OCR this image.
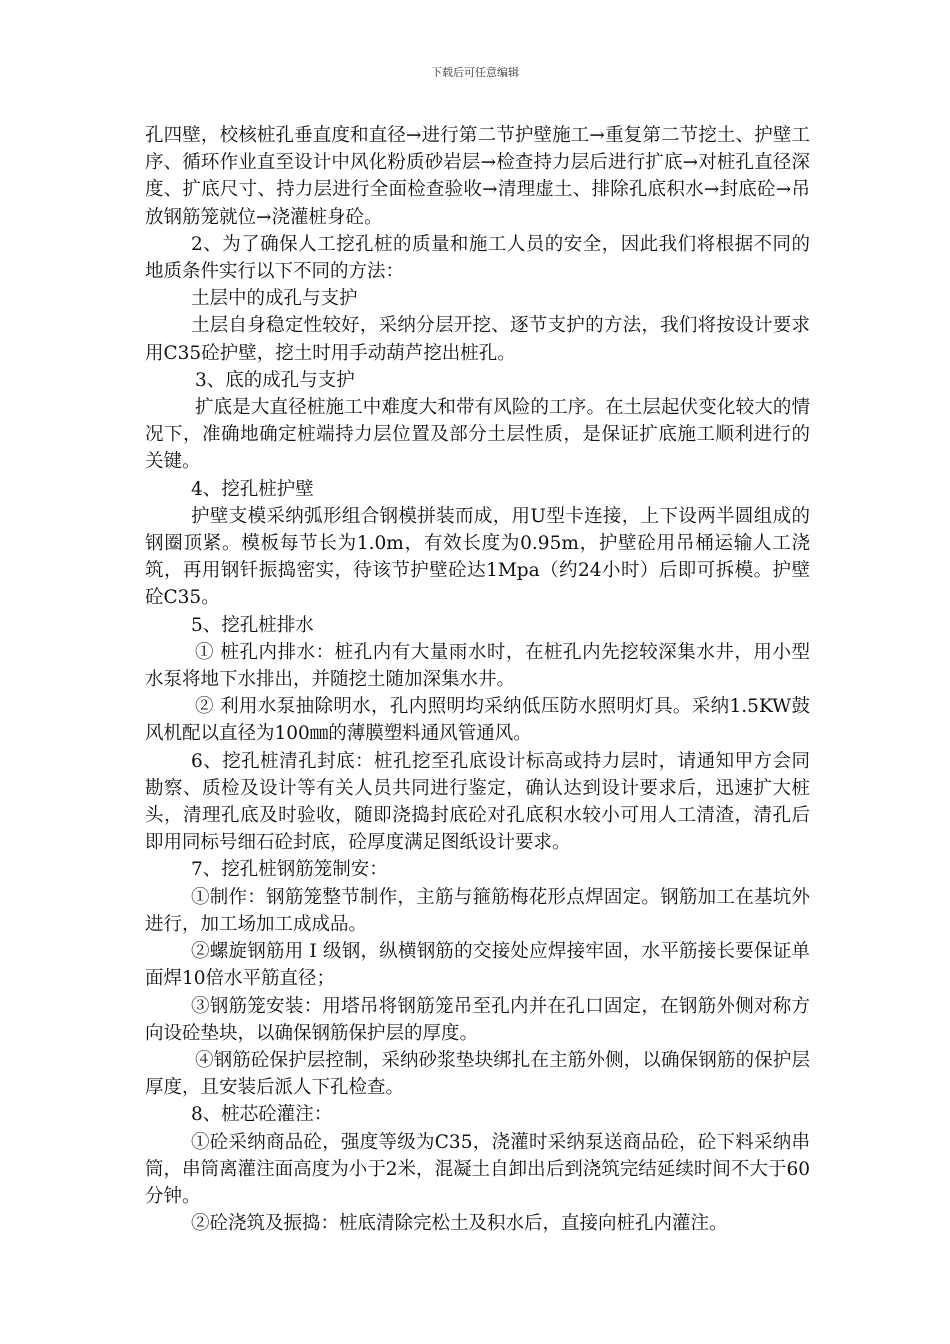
下载后可任意编辑

孔四壁，校核桩孔垂直度和直径→进行第二节护壁施工→重复第二节挖土、护壁工序、循环作业直至设计中风化粉质砂岩层→检查持力层后进行扩底→对桩孔直径深度、扩底尺寸、持力层进行全面检查验收→清理虚土、排除孔底积水→封底砼→吊放钢筋笼就位→浇灌桩身砼。

2、为了确保人工挖孔桩的质量和施工人员的安全，因此我们将根据不同的地质条件实行以下不同的方法：

土层中的成孔与支护

土层自身稳定性较好，采纳分层开挖、逐节支护的方法，我们将按设计要求用C35砼护壁，挖土时用手动葫芦挖出桩孔。

3、底的成孔与支护

扩底是大直径桩施工中难度大和带有风险的工序。在土层起伏变化较大的情况下，准确地确定桩端持力层位置及部分土层性质，是保证扩底施工顺利进行的关键。

4、挖孔桩护壁

护壁支模采纳弧形组合钢模拼装而成，用U型卡连接，上下设两半圆组成的钢圈顶紧。模板每节长为1.0m，有效长度为0.95m，护壁砼用吊桶运输人工浇筑，再用钢钎振捣密实，待该节护壁砼达1Mpa（约24小时）后即可拆模。护壁砼C35。

5、挖孔桩排水

① 桩孔内排水：桩孔内有大量雨水时，在桩孔内先挖较深集水井，用小型水泵将地下水排出，并随挖土随加深集水井。

② 利用水泵抽除明水，孔内照明均采纳低压防水照明灯具。采纳1.5KW鼓风机配以直径为100㎜的薄膜塑料通风管通风。

6、挖孔桩清孔封底：桩孔挖至孔底设计标高或持力层时，请通知甲方会同勘察、质检及设计等有关人员共同进行鉴定，确认达到设计要求后，迅速扩大桩头，清理孔底及时验收，随即浇捣封底砼对孔底积水较小可用人工清渣，清孔后即用同标号细石砼封底，砼厚度满足图纸设计要求。

7、挖孔桩钢筋笼制安：

①制作：钢筋笼整节制作，主筋与箍筋梅花形点焊固定。钢筋加工在基坑外进行，加工场加工成成品。

②螺旋钢筋用 I 级钢，纵横钢筋的交接处应焊接牢固，水平筋接长要保证单面焊10倍水平筋直径；

③钢筋笼安装：用塔吊将钢筋笼吊至孔内并在孔口固定，在钢筋外侧对称方向设砼垫块，以确保钢筋保护层的厚度。

④钢筋砼保护层控制，采纳砂浆垫块绑扎在主筋外侧，以确保钢筋的保护层厚度，且安装后派人下孔检查。

8、桩芯砼灌注：

①砼采纳商品砼，强度等级为C35，浇灌时采纳泵送商品砼，砼下料采纳串筒，串筒离灌注面高度为小于2米，混凝土自卸出后到浇筑完结延续时间不大于60分钟。

②砼浇筑及振捣：桩底清除完松土及积水后，直接向桩孔内灌注。
